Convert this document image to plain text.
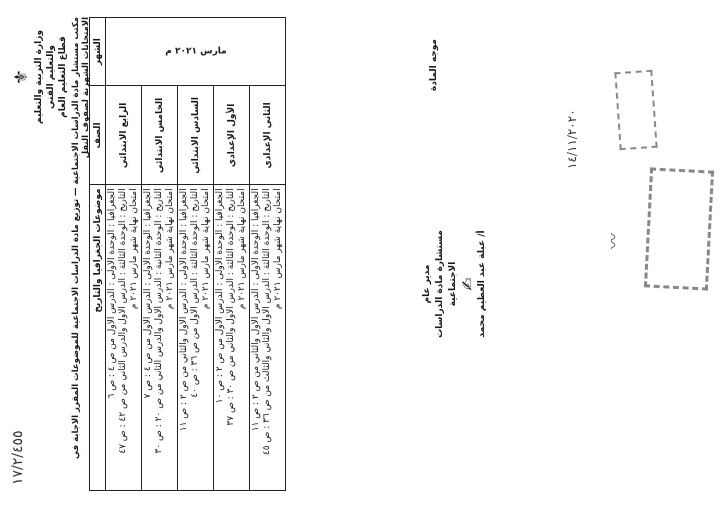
١٧/٢/٤٥٥
⚜ وزارة التربية والتعليم والتعليم الفني قطاع التعليم العام مكتب مستشار مادة الدراسات الاجتماعية — توزيع مادة الدراسات الاجتماعية للموضوعات المقرر الاجابة في الامتحانات الشهرية لصفوف النقل الشهر	الصف	موضوعات الجغرافيا والتاريخ
مارس ٢٠٢١ م	الرابع الابتدائي	الجغرافيا : الوحدة الأولى : الدرس الأول من ص ٤ : ص ٦
التاريخ : الوحدة الثالثة : الدرس الأول والدرس الثاني من ص ٤٢ : ص ٤٧ امتحان نهاية شهر مارس ٢٠٢١ م

	الخامس الابتدائي	الجغرافيا : الوحدة الأولى : الدرس الأول من ص ٤ : ص ٧
التاريخ : الوحدة الثانية : الدرس الأول والدرس الثاني من ص ٢٠ : ص ٣٠ امتحان نهاية شهر مارس ٢٠٢١ م

	السادس الابتدائي	الجغرافيا : الوحدة الأولى : الدرس الأول والثاني من ص ٢ : ص ١١ التاريخ : الوحدة الثالثة : الدرس الأول من ص ٣٦ : ص ٤٠ امتحان نهاية شهر مارس ٢٠٢١ م

	الأول الإعدادي	الجغرافيا : الوحدة الأولى : الدرس الأول من ص ٢ : ص ١٠
التاريخ : الوحدة الثالثة : الدرس الأول والثاني من ص ٣٠ : ص ٣٧ امتحان نهاية شهر مارس ٢٠٢١ م

	الثاني الإعدادي	الجغرافيا : الوحدة الأولى : الدرس الأول والثاني من ص ٢ : ص ١١
التاريخ : الوحدة الثالثة : الدرس الأول والثاني والثالث من ص ٣٦ : ص ٤٥ امتحان نهاية شهر مارس ٢٠٢١ م
موجه المادة
مدير عام مستشارة مادة الدراسات الاجتماعية ✍ أ/ عبلة عبد العظيم محمد
١٤/١١/٢٠٢٠
〰
